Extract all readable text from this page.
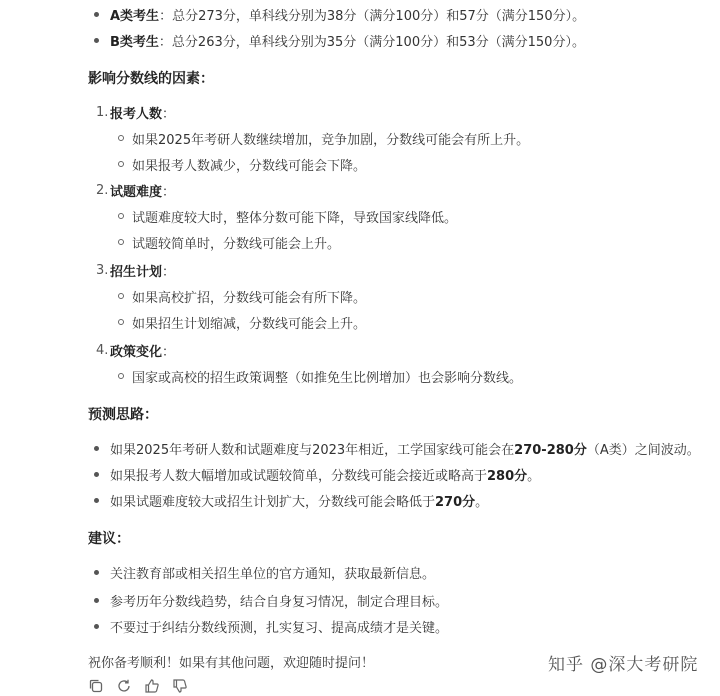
A类考生 ：总分273分，单科线分别为38分（满分100分）和57分（满分150分）。
B类考生 ：总分263分，单科线分别为35分（满分100分）和53分（满分150分）。
影响分数线的因素：
1. 报考人数 ：
如果2025年考研人数继续增加，竞争加剧，分数线可能会有所上升。
如果报考人数减少，分数线可能会下降。
2. 试题难度 ：
试题难度较大时，整体分数可能下降，导致国家线降低。
试题较简单时，分数线可能会上升。
3. 招生计划 ：
如果高校扩招，分数线可能会有所下降。
如果招生计划缩减，分数线可能会上升。
4. 政策变化 ：
国家或高校的招生政策调整（如推免生比例增加）也会影响分数线。
预测思路：
如果2025年考研人数和试题难度与2023年相近，工学国家线可能会在 270-280分 （A类）之间波动。
如果报考人数大幅增加或试题较简单，分数线可能会接近或略高于 280分 。
如果试题难度较大或招生计划扩大，分数线可能会略低于 270分 。
建议：
关注教育部或相关招生单位的官方通知，获取最新信息。
参考历年分数线趋势，结合自身复习情况，制定合理目标。
不要过于纠结分数线预测，扎实复习、提高成绩才是关键。
祝你备考顺利！如果有其他问题，欢迎随时提问！	知乎 @深大考研院
